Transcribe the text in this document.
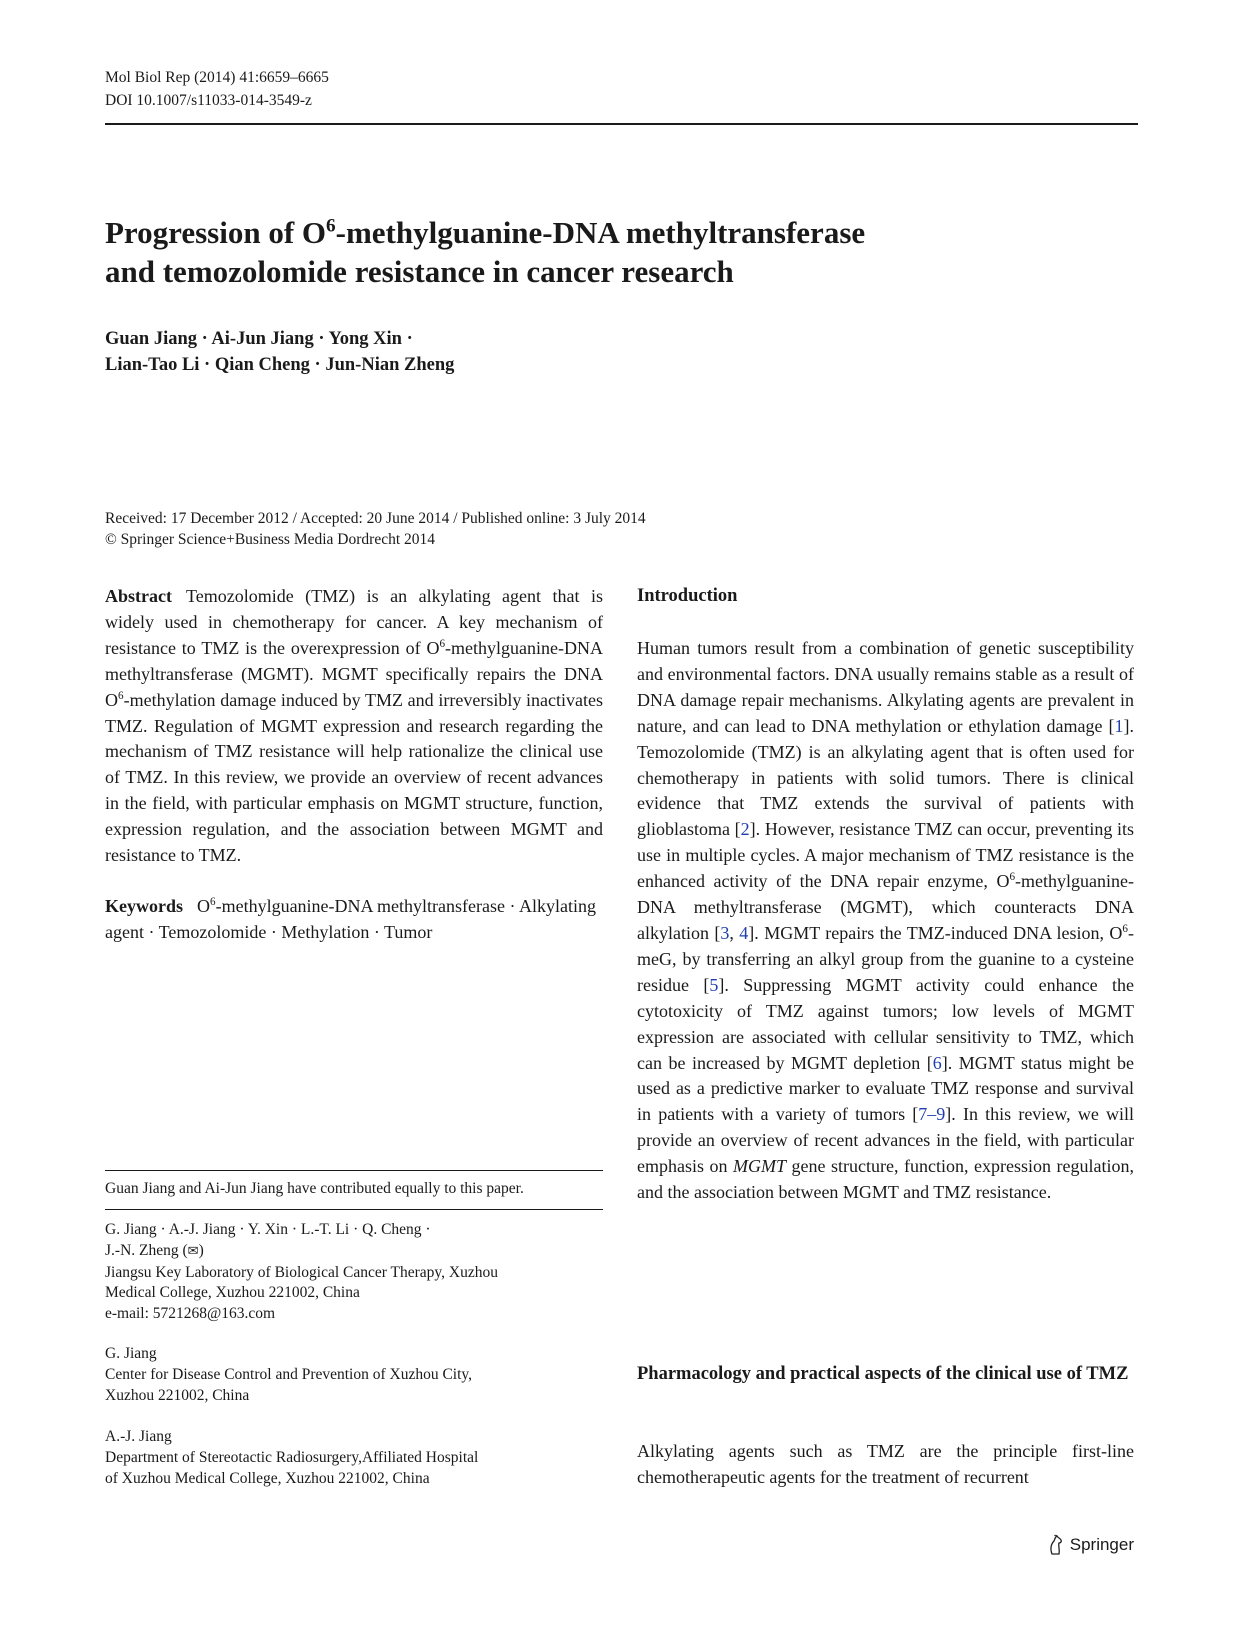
Mol Biol Rep (2014) 41:6659–6665
DOI 10.1007/s11033-014-3549-z
Progression of $O^6-methylguanine$-DNA methyltransferase
and temozolomide resistance in cancer research
Guan Jiang · Ai-Jun Jiang · Yong Xin ·
Lian-Tao Li · Qian Cheng · Jun-Nian Zheng
Received: 17 December 2012 / Accepted: 20 June 2014 / Published online: 3 July 2014
© Springer Science+Business Media Dordrecht 2014

Abstract Temozolomide (TMZ) is an alkylating agent that is widely used in chemotherapy for cancer. A key mechanism of resistance to TMZ is the overexpression of $O^6-methylguanine$-DNA methyltransferase (MGMT). MGMT specifically repairs the DNA $O^6$-methylation damage induced by TMZ and irreversibly inactivates TMZ. Regulation of MGMT expression and research regarding the mechanism of TMZ resistance will help rationalize the clinical use of TMZ. In this review, we provide an overview of recent advances in the field, with particular emphasis on MGMT structure, function, expression regulation, and the association between MGMT and resistance to TMZ.

Keywords $O^6-methylguanine$-DNA methyltransferase · Alkylating agent · Temozolomide · Methylation · Tumor

Guan Jiang and Ai-Jun Jiang have contributed equally to this paper.
G. Jiang · A.-J. Jiang · Y. Xin · L.-T. Li · Q. Cheng ·
J.-N. Zheng (✉)
Jiangsu Key Laboratory of Biological Cancer Therapy, Xuzhou
Medical College, Xuzhou 221002, China
e-mail: 5721268@163.com
G. Jiang
Center for Disease Control and Prevention of Xuzhou City,
Xuzhou 221002, China
A.-J. Jiang
Department of Stereotactic Radiosurgery,Affiliated Hospital
of Xuzhou Medical College, Xuzhou 221002, China
Introduction

Human tumors result from a combination of genetic susceptibility and environmental factors. DNA usually remains stable as a result of DNA damage repair mechanisms. Alkylating agents are prevalent in nature, and can lead to DNA methylation or ethylation damage [1]. Temozolomide (TMZ) is an alkylating agent that is often used for chemotherapy in patients with solid tumors. There is clinical evidence that TMZ extends the survival of patients with glioblastoma [2]. However, resistance TMZ can occur, preventing its use in multiple cycles. A major mechanism of TMZ resistance is the enhanced activity of the DNA repair enzyme, $O^6-methylguanine$-DNA methyltransferase (MGMT), which counteracts DNA alkylation [3, 4]. MGMT repairs the TMZ-induced DNA lesion, $O^6$-meG, by transferring an alkyl group from the guanine to a cysteine residue [5]. Suppressing MGMT activity could enhance the cytotoxicity of TMZ against tumors; low levels of MGMT expression are associated with cellular sensitivity to TMZ, which can be increased by MGMT depletion [6]. MGMT status might be used as a predictive marker to evaluate TMZ response and survival in patients with a variety of tumors [7–9]. In this review, we will provide an overview of recent advances in the field, with particular emphasis on MGMT gene structure, function, expression regulation, and the association between MGMT and TMZ resistance.

Pharmacology and practical aspects of the clinical use of TMZ

Alkylating agents such as TMZ are the principle first-line chemotherapeutic agents for the treatment of recurrent

Springer
